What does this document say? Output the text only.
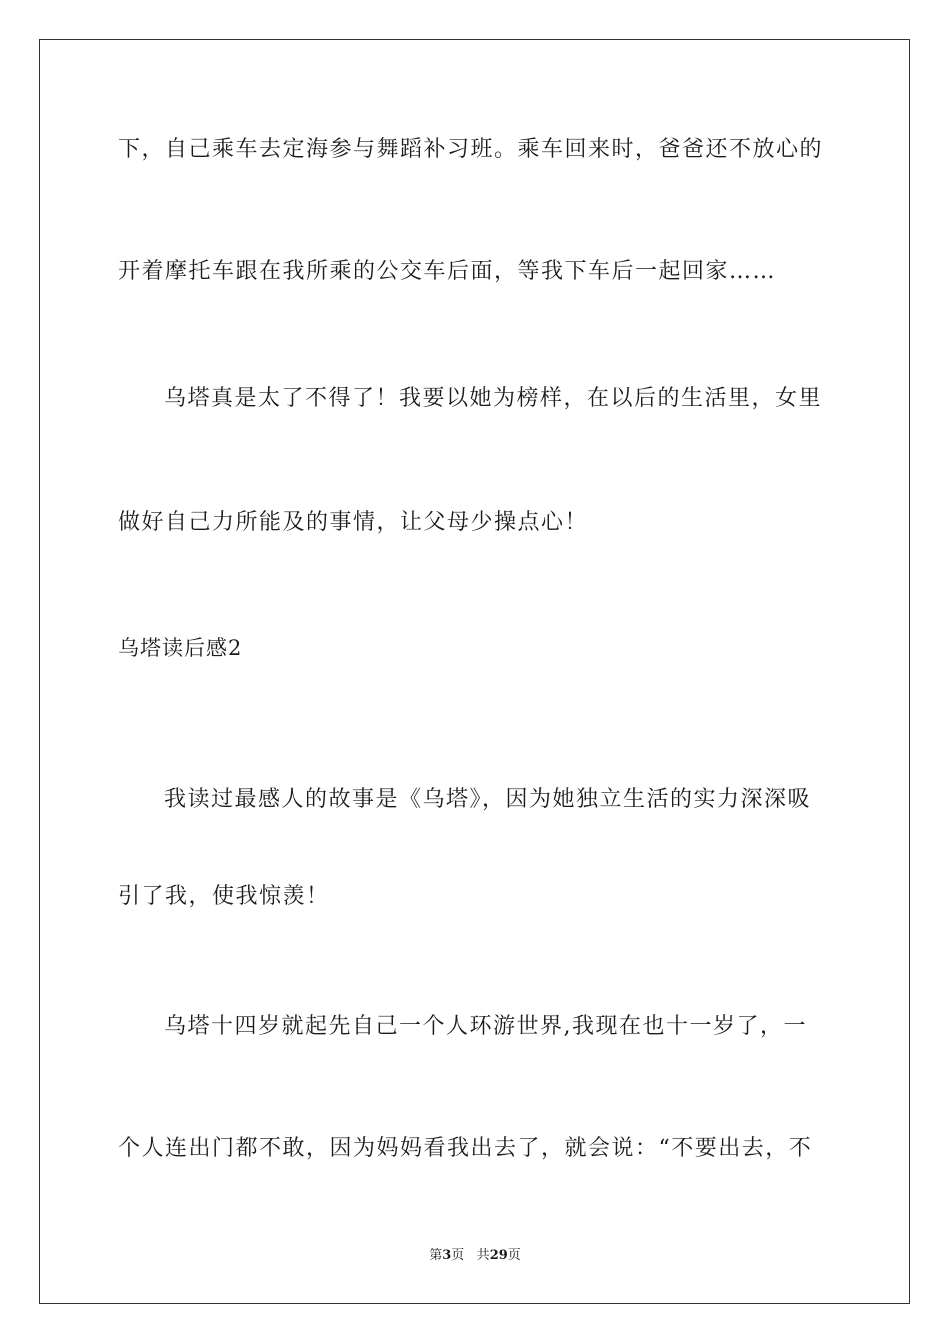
下，自己乘车去定海参与舞蹈补习班。乘车回来时，爸爸还不放心的
开着摩托车跟在我所乘的公交车后面，等我下车后一起回家……
乌塔真是太了不得了！我要以她为榜样，在以后的生活里，女里
做好自己力所能及的事情，让父母少操点心！
乌塔读后感2
我读过最感人的故事是《乌塔》，因为她独立生活的实力深深吸
引了我，使我惊羡！
乌塔十四岁就起先自己一个人环游世界,我现在也十一岁了，一
个人连出门都不敢，因为妈妈看我出去了，就会说：“不要出去，不
第3页 共29页
